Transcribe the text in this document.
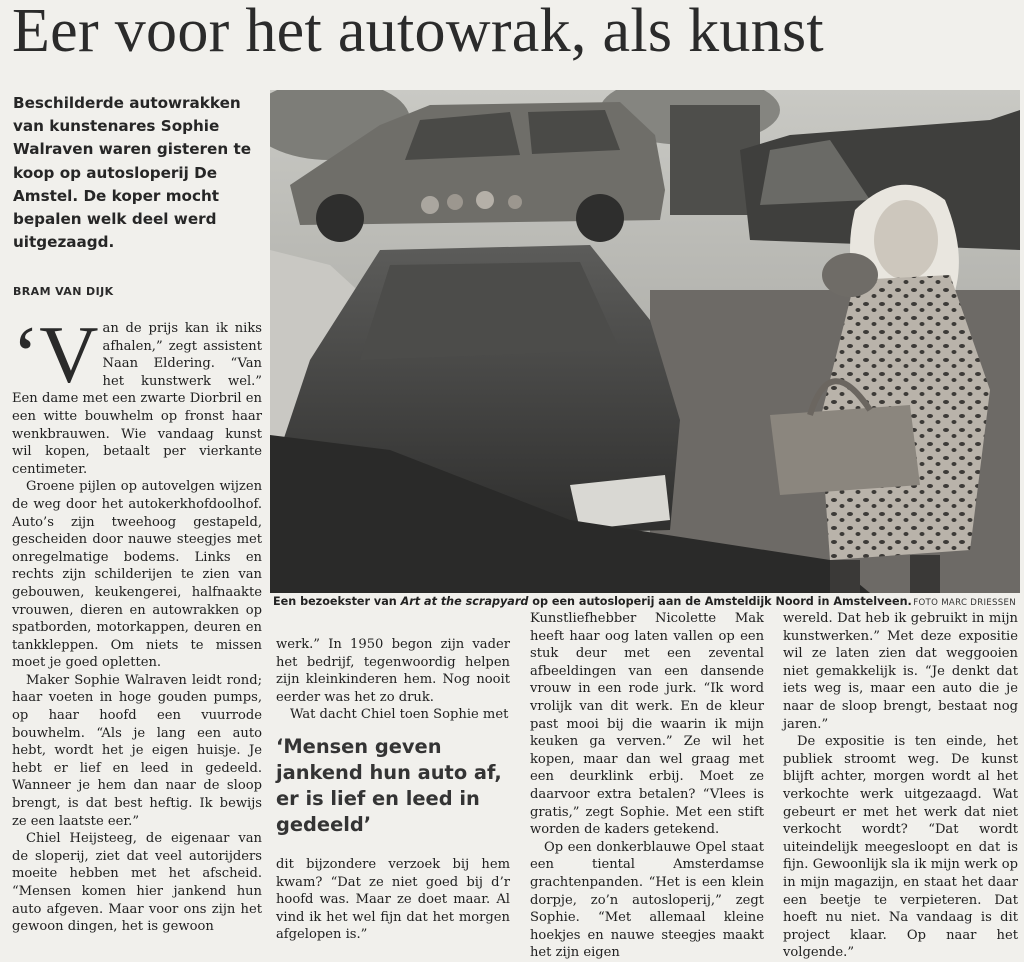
Eer voor het autowrak, als kunst
Beschilderde autowrakken van kunstenares Sophie Walraven waren gisteren te koop op autosloperij De Amstel. De koper mocht bepalen welk deel werd uitgezaagd.
BRAM VAN DIJK
Een bezoekster van Art at the scrapyard op een autosloperij aan de Amsteldijk Noord in Amstelveen. FOTO MARC DRIESSEN

‘Van de prijs kan ik niks afhalen,” zegt assistent Naan Eldering. “Van het kunstwerk wel.” Een dame met een zwarte Diorbril en een witte bouwhelm op fronst haar wenkbrauwen. Wie vandaag kunst wil kopen, betaalt per vierkante centimeter.

Groene pijlen op autovelgen wijzen de weg door het autokerkhofdoolhof. Auto’s zijn tweehoog gestapeld, gescheiden door nauwe steegjes met onregelmatige bodems. Links en rechts zijn schilderijen te zien van gebouwen, keukengerei, halfnaakte vrouwen, dieren en autowrakken op spatborden, motorkappen, deuren en tankkleppen. Om niets te missen moet je goed opletten.

Maker Sophie Walraven leidt rond; haar voeten in hoge gouden pumps, op haar hoofd een vuurrode bouwhelm. “Als je lang een auto hebt, wordt het je eigen huisje. Je hebt er lief en leed in gedeeld. Wanneer je hem dan naar de sloop brengt, is dat best heftig. Ik bewijs ze een laatste eer.”

Chiel Heijsteeg, de eigenaar van de sloperij, ziet dat veel autorijders moeite hebben met het afscheid. “Mensen komen hier jankend hun auto afgeven. Maar voor ons zijn het gewoon dingen, het is gewoon

werk.” In 1950 begon zijn vader het bedrijf, tegenwoordig helpen zijn kleinkinderen hem. Nog nooit eerder was het zo druk.

Wat dacht Chiel toen Sophie met

‘Mensen geven jankend hun auto af, er is lief en leed in gedeeld’

dit bijzondere verzoek bij hem kwam? “Dat ze niet goed bij d’r hoofd was. Maar ze doet maar. Al vind ik het wel fijn dat het morgen afgelopen is.”

Kunstliefhebber Nicolette Mak heeft haar oog laten vallen op een stuk deur met een zevental afbeeldingen van een dansende vrouw in een rode jurk. “Ik word vrolijk van dit werk. En de kleur past mooi bij die waarin ik mijn keuken ga verven.” Ze wil het kopen, maar dan wel graag met een deurklink erbij. Moet ze daarvoor extra betalen? “Vlees is gratis,” zegt Sophie. Met een stift worden de kaders getekend.

Op een donkerblauwe Opel staat een tiental Amsterdamse grachtenpanden. “Het is een klein dorpje, zo’n autosloperij,” zegt Sophie. “Met allemaal kleine hoekjes en nauwe steegjes maakt het zijn eigen

wereld. Dat heb ik gebruikt in mijn kunstwerken.” Met deze expositie wil ze laten zien dat weggooien niet gemakkelijk is. “Je denkt dat iets weg is, maar een auto die je naar de sloop brengt, bestaat nog jaren.”

De expositie is ten einde, het publiek stroomt weg. De kunst blijft achter, morgen wordt al het verkochte werk uitgezaagd. Wat gebeurt er met het werk dat niet verkocht wordt? “Dat wordt uiteindelijk meegesloopt en dat is fijn. Gewoonlijk sla ik mijn werk op in mijn magazijn, en staat het daar een beetje te verpieteren. Dat hoeft nu niet. Na vandaag is dit project klaar. Op naar het volgende.”
